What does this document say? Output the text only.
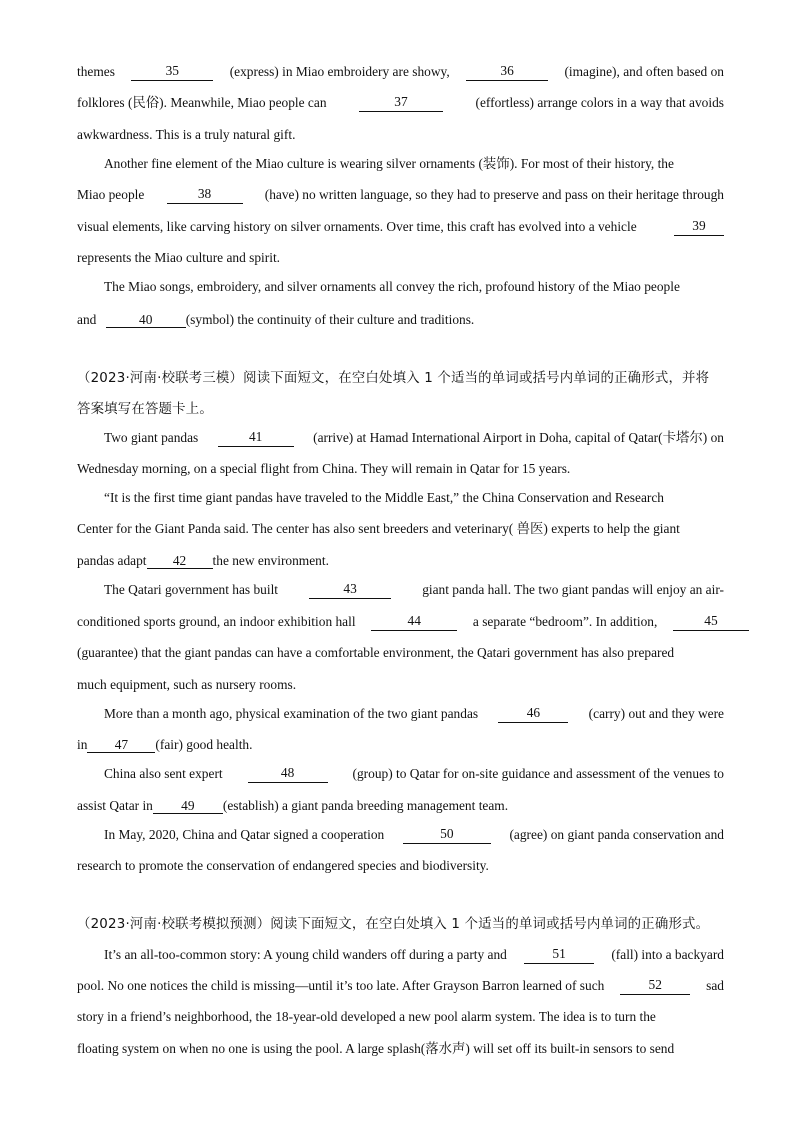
themes	35	(express) in Miao embroidery are showy,	36	(imagine), and often based on
folklores (民俗). Meanwhile, Miao people can	37	(effortless) arrange colors in a way that avoids
awkwardness. This is a truly natural gift.
Another fine element of the Miao culture is wearing silver ornaments (装饰). For most of their history, the
Miao people	38	(have) no written language, so they had to preserve and pass on their heritage through
visual elements, like carving history on silver ornaments. Over time, this craft has evolved into a vehicle	39
represents the Miao culture and spirit.
The Miao songs, embroidery, and silver ornaments all convey the rich, profound history of the Miao people
and	40 (symbol) the continuity of their culture and traditions.
（2023·河南·校联考三模）阅读下面短文，在空白处填入 1 个适当的单词或括号内单词的正确形式，并将
答案填写在答题卡上。
Two giant pandas	41	(arrive) at Hamad International Airport in Doha, capital of Qatar(卡塔尔) on
Wednesday morning, on a special flight from China. They will remain in Qatar for 15 years.
“It is the first time giant pandas have traveled to the Middle East,” the China Conservation and Research
Center for the Giant Panda said. The center has also sent breeders and veterinary( 兽医) experts to help the giant
pandas adapt 42 the new environment.
The Qatari government has built	43	giant panda hall. The two giant pandas will enjoy an air-
conditioned sports ground, an indoor exhibition hall	44	a separate “bedroom”. In addition,	45
(guarantee) that the giant pandas can have a comfortable environment, the Qatari government has also prepared
much equipment, such as nursery rooms.
More than a month ago, physical examination of the two giant pandas	46	(carry) out and they were
in 47 (fair) good health.
China also sent expert	48	(group) to Qatar for on-site guidance and assessment of the venues to
assist Qatar in 49 (establish) a giant panda breeding management team.
In May, 2020, China and Qatar signed a cooperation	50	(agree) on giant panda conservation and
research to promote the conservation of endangered species and biodiversity.
（2023·河南·校联考模拟预测）阅读下面短文，在空白处填入 1 个适当的单词或括号内单词的正确形式。
It’s an all-too-common story: A young child wanders off during a party and	51	(fall) into a backyard
pool. No one notices the child is missing—until it’s too late. After Grayson Barron learned of such	52	sad
story in a friend’s neighborhood, the 18-year-old developed a new pool alarm system. The idea is to turn the
floating system on when no one is using the pool. A large splash(落水声) will set off its built-in sensors to send
